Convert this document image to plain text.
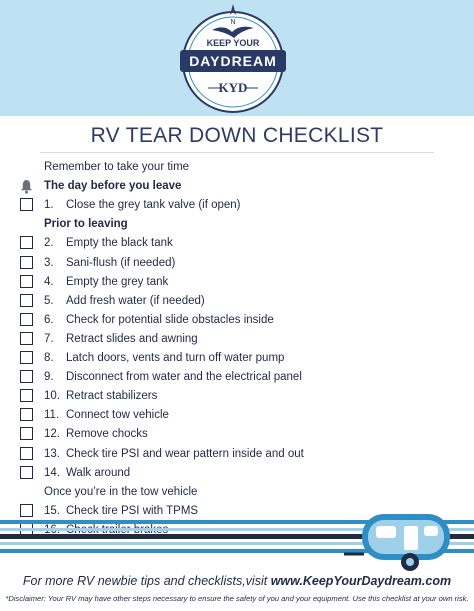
N
KEEP YOUR
DAYDREAM
KYD
RV TEAR DOWN CHECKLIST
Remember to take your time
The day before you leave
1. Close the grey tank valve (if open)
Prior to leaving
2. Empty the black tank
3. Sani-flush (if needed)
4. Empty the grey tank
5. Add fresh water (if needed)
6. Check for potential slide obstacles inside
7. Retract slides and awning
8. Latch doors, vents and turn off water pump
9. Disconnect from water and the electrical panel
10. Retract stabilizers
11. Connect tow vehicle
12. Remove chocks
13. Check tire PSI and wear pattern inside and out
14. Walk around
Once you’re in the tow vehicle
15. Check tire PSI with TPMS
For more RV newbie tips and checklists,visit www.KeepYourDaydream.com
*Disclaimer: Your RV may have other steps necessary to ensure the safety of you and your equipment. Use this checklist at your own risk.
